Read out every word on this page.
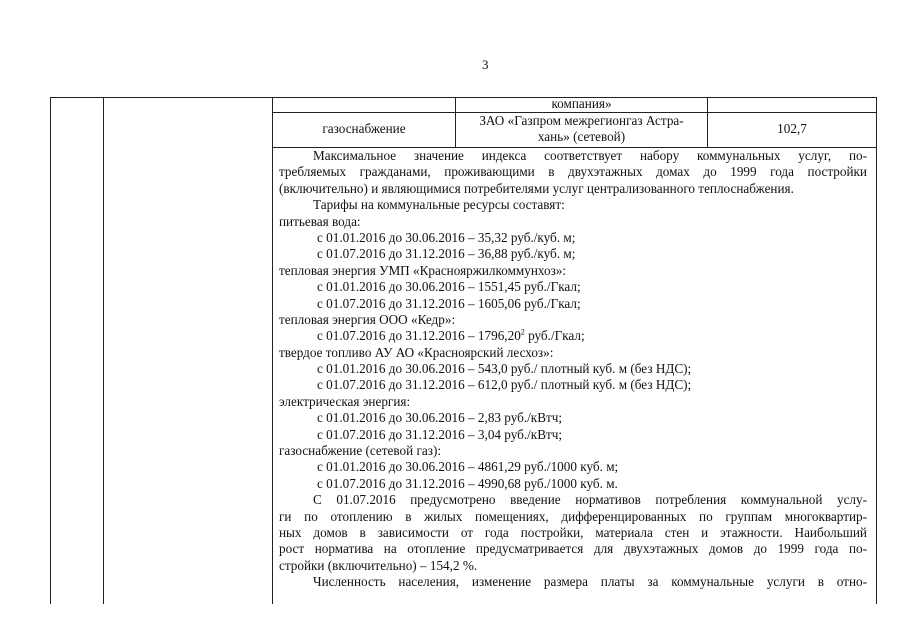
3
компания»
газоснабжение
ЗАО «Газпром межрегионгаз Астра-
хань» (сетевой)
102,7
Максимальное значение индекса соответствует набору коммунальных услуг, по-
требляемых гражданами, проживающими в двухэтажных домах до 1999 года постройки
(включительно) и являющимися потребителями услуг централизованного теплоснабжения.
Тарифы на коммунальные ресурсы составят:
питьевая вода:
с 01.01.2016 до 30.06.2016 – 35,32 руб./куб. м;
с 01.07.2016 до 31.12.2016 – 36,88 руб./куб. м;
тепловая энергия УМП «Краснояржилкоммунхоз»:
с 01.01.2016 до 30.06.2016 – 1551,45 руб./Гкал;
с 01.07.2016 до 31.12.2016 – 1605,06 руб./Гкал;
тепловая энергия ООО «Кедр»:
с 01.07.2016 до 31.12.2016 – 1796,20$^2$ руб./Гкал;
твердое топливо АУ АО «Красноярский лесхоз»:
с 01.01.2016 до 30.06.2016 – 543,0 руб./ плотный куб. м (без НДС);
с 01.07.2016 до 31.12.2016 – 612,0 руб./ плотный куб. м (без НДС);
электрическая энергия:
с 01.01.2016 до 30.06.2016 – 2,83 руб./кВтч;
с 01.07.2016 до 31.12.2016 – 3,04 руб./кВтч;
газоснабжение (сетевой газ):
с 01.01.2016 до 30.06.2016 – 4861,29 руб./1000 куб. м;
с 01.07.2016 до 31.12.2016 – 4990,68 руб./1000 куб. м.
С 01.07.2016 предусмотрено введение нормативов потребления коммунальной услу-
ги по отоплению в жилых помещениях, дифференцированных по группам многоквартир-
ных домов в зависимости от года постройки, материала стен и этажности. Наибольший
рост норматива на отопление предусматривается для двухэтажных домов до 1999 года по-
стройки (включительно) – 154,2 %.
Численность населения, изменение размера платы за коммунальные услуги в отно-
